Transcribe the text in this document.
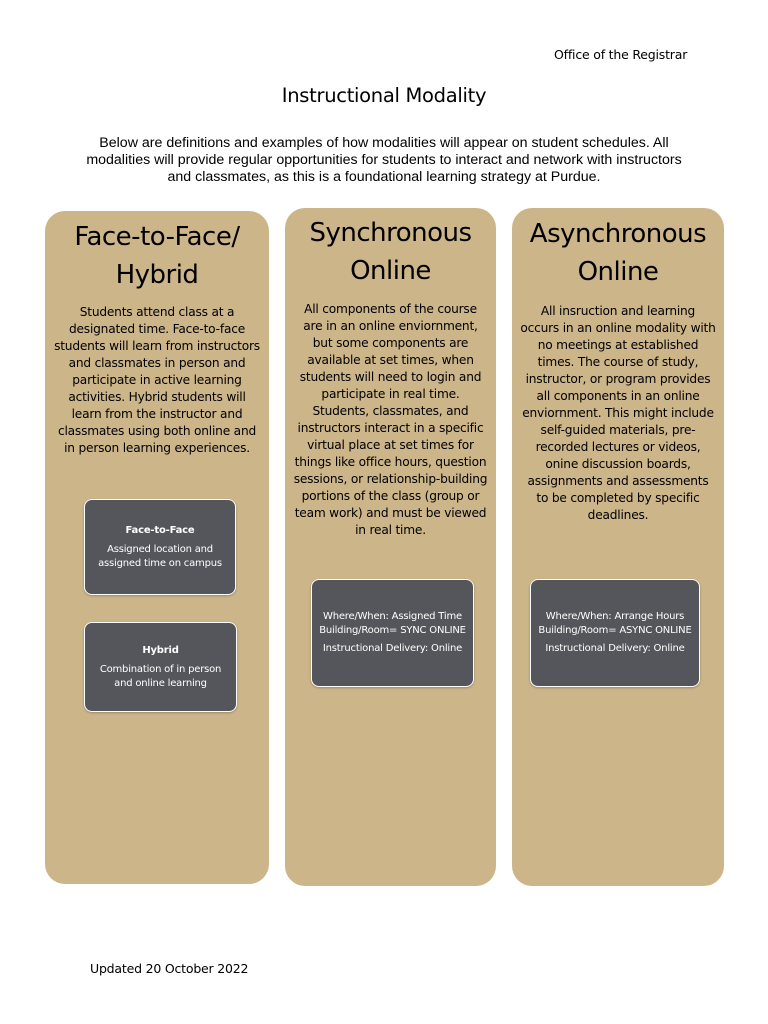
Office of the Registrar
Instructional Modality
Below are definitions and examples of how modalities will appear on student schedules. All modalities will provide regular opportunities for students to interact and network with instructors and classmates, as this is a foundational learning strategy at Purdue.
Face-to-Face/
Hybrid
Students attend class at a designated time. Face-to-face students will learn from instructors and classmates in person and participate in active learning activities. Hybrid students will learn from the instructor and classmates using both online and in person learning experiences.
Face-to-Face
Assigned location and assigned time on campus
Hybrid
Combination of in person and online learning
Synchronous
Online
All components of the course are in an online enviornment, but some components are available at set times, when students will need to login and participate in real time. Students, classmates, and instructors interact in a specific virtual place at set times for things like office hours, question sessions, or relationship-building portions of the class (group or team work) and must be viewed in real time.
Where/When: Assigned Time
Building/Room= SYNC ONLINE
Instructional Delivery: Online
Asynchronous
Online
All insruction and learning occurs in an online modality with no meetings at established times. The course of study, instructor, or program provides all components in an online enviornment. This might include self-guided materials, pre-recorded lectures or videos, onine discussion boards, assignments and assessments to be completed by specific deadlines.
Where/When: Arrange Hours
Building/Room= ASYNC ONLINE
Instructional Delivery: Online
Updated 20 October 2022
